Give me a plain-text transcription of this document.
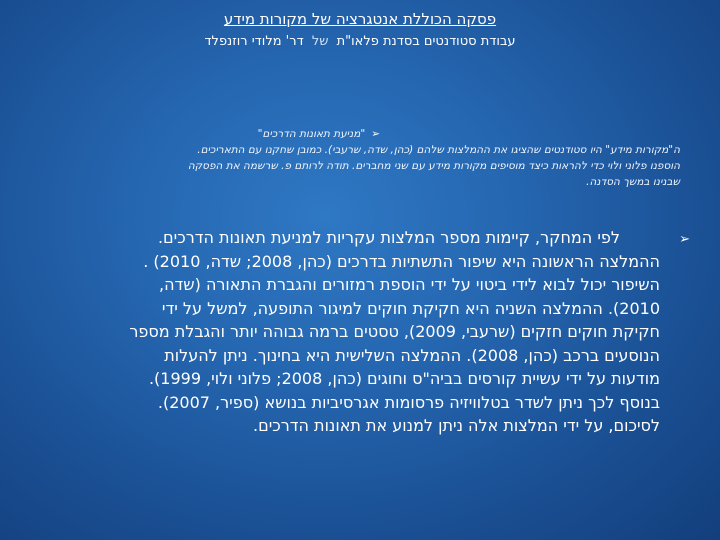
פסקה הכוללת אנטגרציה של מקורות מידע
עבודת סטודנטים בסדנת פלאו"ת של דר' מלודי רוזנפלד
➢"מניעת תאונות הדרכים"
ה"מקורות מידע" היו סטודנטים שהציגו את ההמלצות שלהם (כהן, שדה, שרעבי). כמובן שחקנו עם התאריכים.
הוספנו פלוני ולוי כדי להראות כיצד מוסיפים מקורות מידע עם שני מחברים. תודה לרותם פ. שרשמה את הפסקה
שבנינו במשך הסדנה.
➢
לפי המחקר, קיימות מספר המלצות עקריות למניעת תאונות הדרכים.
ההמלצה הראשונה היא שיפור התשתיות בדרכים (כהן, 2008; שדה, 2010) .
השיפור יכול לבוא לידי ביטוי על ידי הוספת רמזורים והגברת התאורה (שדה,
2010). ההמלצה השניה היא חקיקת חוקים למיגור התופעה, למשל על ידי
חקיקת חוקים חזקים (שרעבי, 2009), טסטים ברמה גבוהה יותר והגבלת מספר
הנוסעים ברכב (כהן, 2008). ההמלצה השלישית היא בחינוך. ניתן להעלות
מודעות על ידי עשיית קורסים בביה"ס וחוגים (כהן, 2008; פלוני ולוי, 1999).
בנוסף לכך ניתן לשדר בטלוויזיה פרסומות אגרסיביות בנושא (ספיר, 2007).
לסיכום, על ידי המלצות אלה ניתן למנוע את תאונות הדרכים.
